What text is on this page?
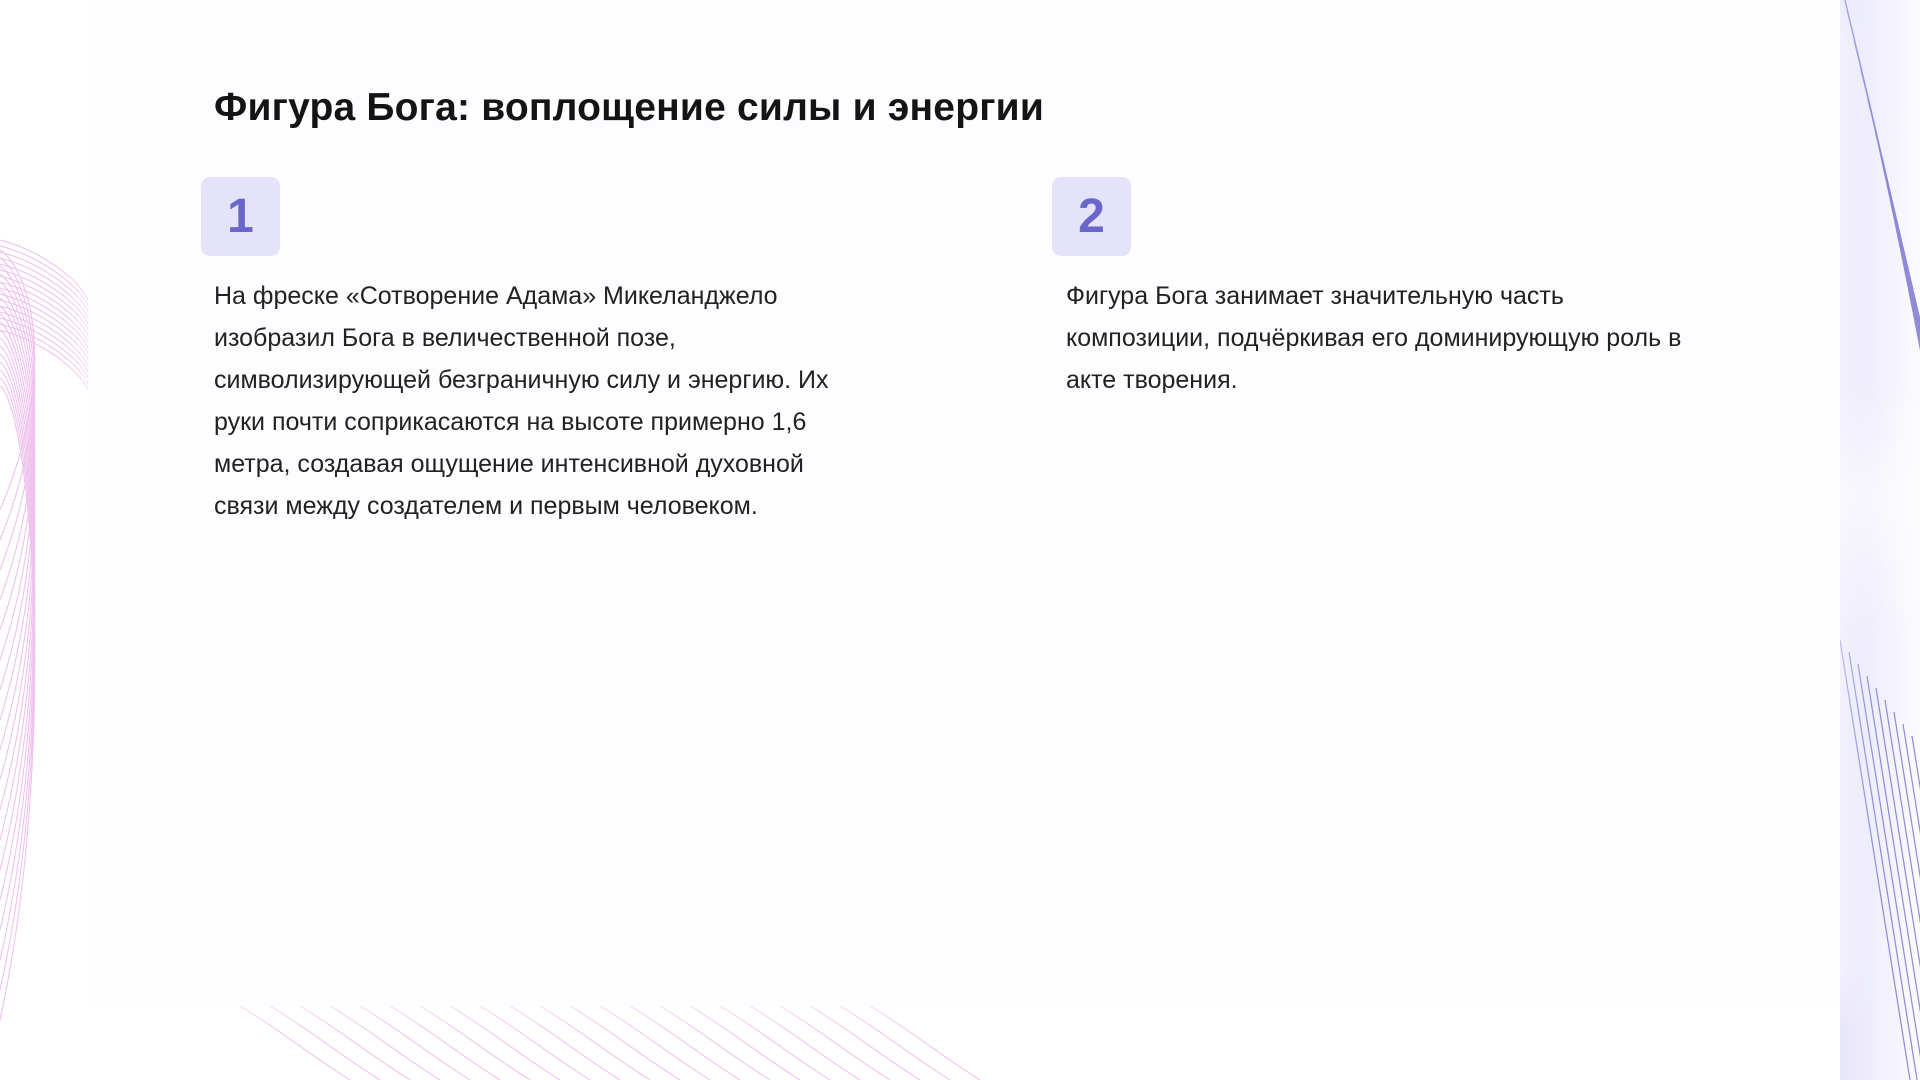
Фигура Бога: воплощение силы и энергии
1

На фреске «Сотворение Адама» Микеланджело изобразил Бога в величественной позе, символизирующей безграничную силу и энергию. Их руки почти соприкасаются на высоте примерно 1,6 метра, создавая ощущение интенсивной духовной связи между создателем и первым человеком.

2

Фигура Бога занимает значительную часть композиции, подчёркивая его доминирующую роль в акте творения.
